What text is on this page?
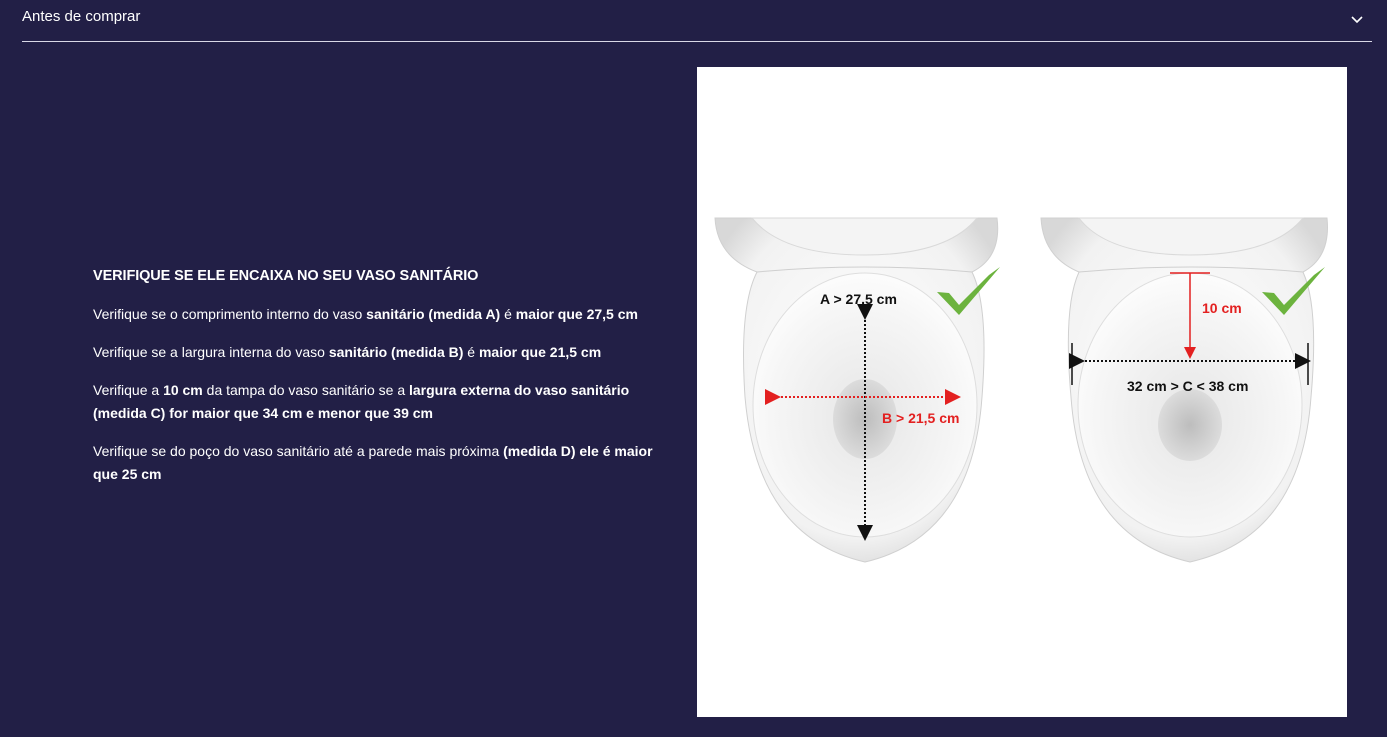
Antes de comprar
VERIFIQUE SE ELE ENCAIXA NO SEU VASO SANITÁRIO

Verifique se o comprimento interno do vaso sanitário (medida A) é maior que 27,5 cm

Verifique se a largura interna do vaso sanitário (medida B) é maior que 21,5 cm

Verifique a 10 cm da tampa do vaso sanitário se a largura externa do vaso sanitário (medida C) for maior que 34 cm e menor que 39 cm

Verifique se do poço do vaso sanitário até a parede mais próxima (medida D) ele é maior que 25 cm

A > 27,5 cm
B > 21,5 cm
10 cm
32 cm > C < 38 cm
